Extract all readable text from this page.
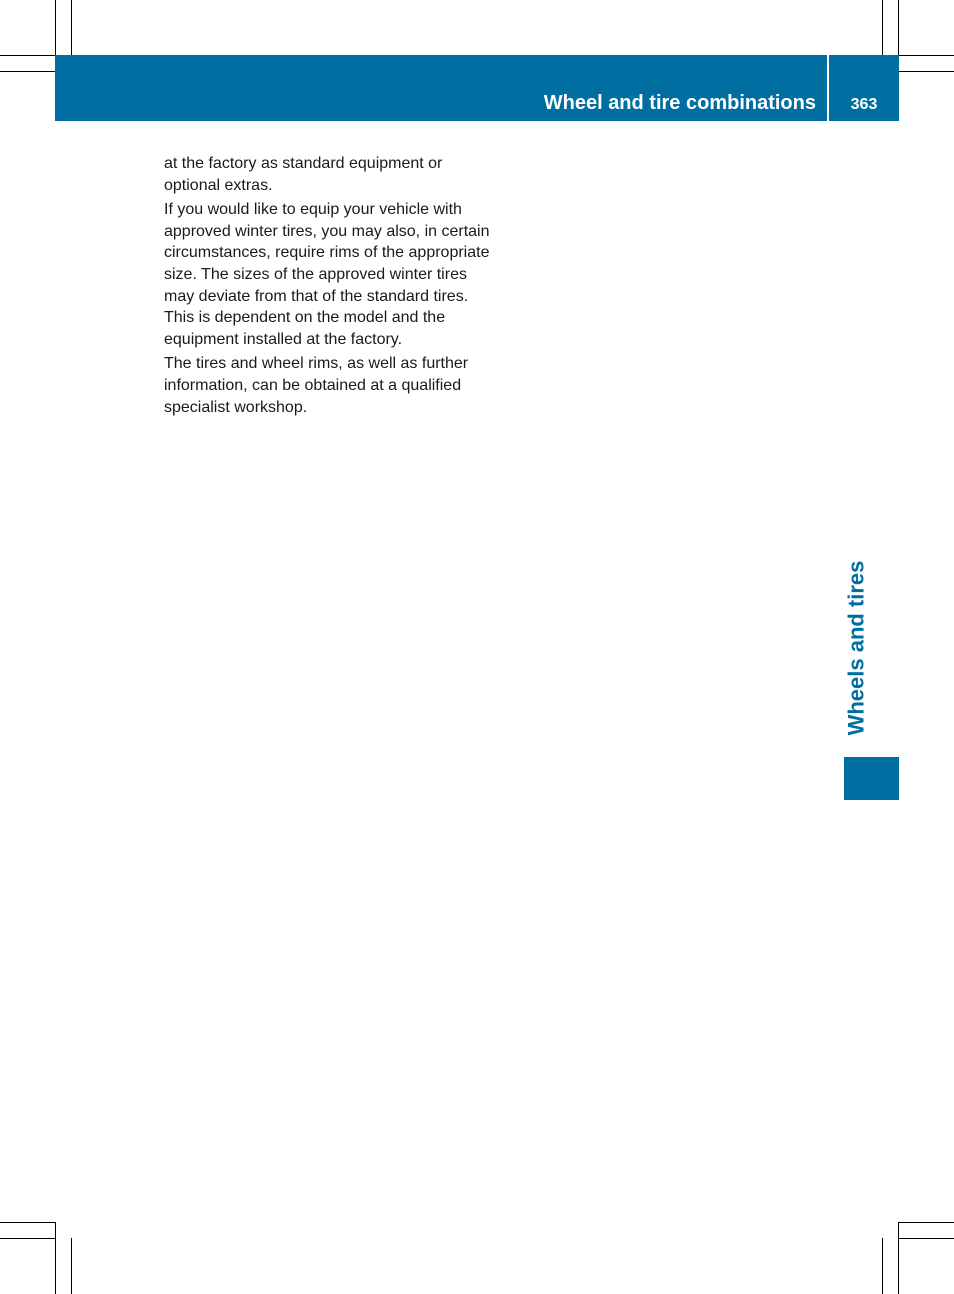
Wheel and tire combinations	363

at the factory as standard equipment or optional extras.

If you would like to equip your vehicle with approved winter tires, you may also, in certain circumstances, require rims of the appropriate size. The sizes of the approved winter tires may deviate from that of the standard tires. This is dependent on the model and the equipment installed at the factory.

The tires and wheel rims, as well as further information, can be obtained at a qualified specialist workshop.

Wheels and tires
